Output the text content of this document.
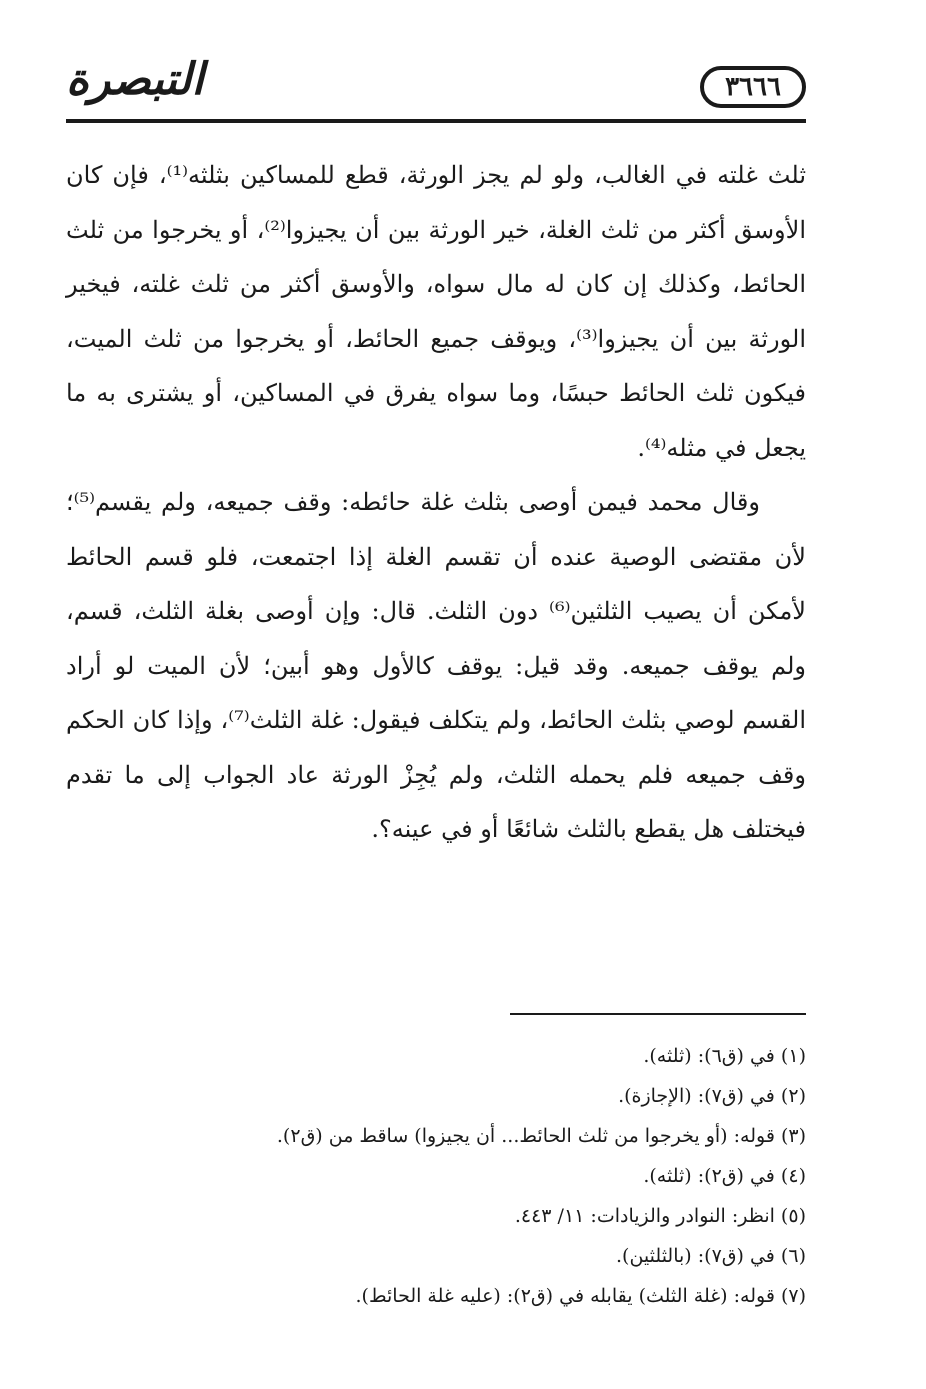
التبصرة	٣٦٦٦

ثلث غلته في الغالب، ولو لم يجز الورثة، قطع للمساكين بثلثه⁽¹⁾، فإن كان الأوسق أكثر من ثلث الغلة، خير الورثة بين أن يجيزوا⁽²⁾، أو يخرجوا من ثلث الحائط، وكذلك إن كان له مال سواه، والأوسق أكثر من ثلث غلته، فيخير الورثة بين أن يجيزوا⁽³⁾، ويوقف جميع الحائط، أو يخرجوا من ثلث الميت، فيكون ثلث الحائط حبسًا، وما سواه يفرق في المساكين، أو يشترى به ما يجعل في مثله⁽⁴⁾.

وقال محمد فيمن أوصى بثلث غلة حائطه: وقف جميعه، ولم يقسم⁽⁵⁾؛ لأن مقتضى الوصية عنده أن تقسم الغلة إذا اجتمعت، فلو قسم الحائط لأمكن أن يصيب الثلثين⁽⁶⁾ دون الثلث. قال: وإن أوصى بغلة الثلث، قسم، ولم يوقف جميعه. وقد قيل: يوقف كالأول وهو أبين؛ لأن الميت لو أراد القسم لوصي بثلث الحائط، ولم يتكلف فيقول: غلة الثلث⁽⁷⁾، وإذا كان الحكم وقف جميعه فلم يحمله الثلث، ولم يُجِزْ الورثة عاد الجواب إلى ما تقدم فيختلف هل يقطع بالثلث شائعًا أو في عينه؟.

(١) في (ق٦): (ثلثه).
(٢) في (ق٧): (الإجازة).
(٣) قوله: (أو يخرجوا من ثلث الحائط... أن يجيزوا) ساقط من (ق٢).
(٤) في (ق٢): (ثلثه).
(٥) انظر: النوادر والزيادات: ١١/ ٤٤٣.
(٦) في (ق٧): (بالثلثين).
(٧) قوله: (غلة الثلث) يقابله في (ق٢): (عليه غلة الحائط).
